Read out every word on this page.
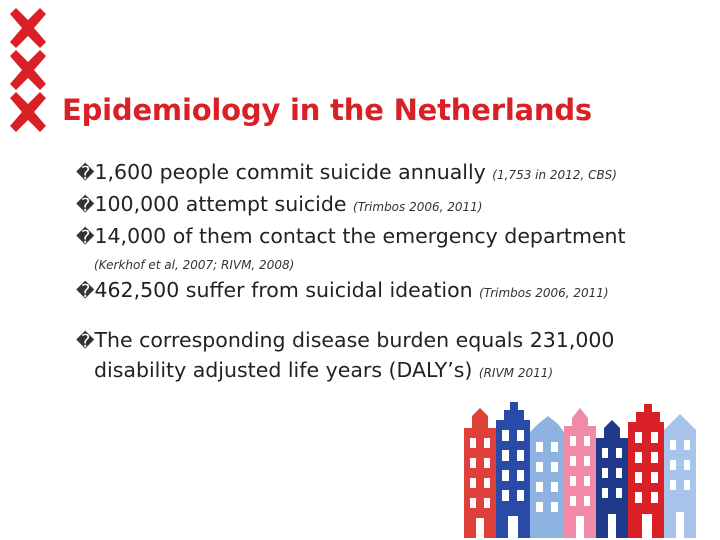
Epidemiology in the Netherlands
�1,600 people commit suicide annually (1,753 in 2012, CBS)
�100,000 attempt suicide (Trimbos 2006, 2011)
�14,000 of them contact the emergency department
(Kerkhof et al, 2007; RIVM, 2008)
�462,500 suffer from suicidal ideation (Trimbos 2006, 2011)
�The corresponding disease burden equals 231,000
disability adjusted life years (DALY’s) (RIVM 2011)
